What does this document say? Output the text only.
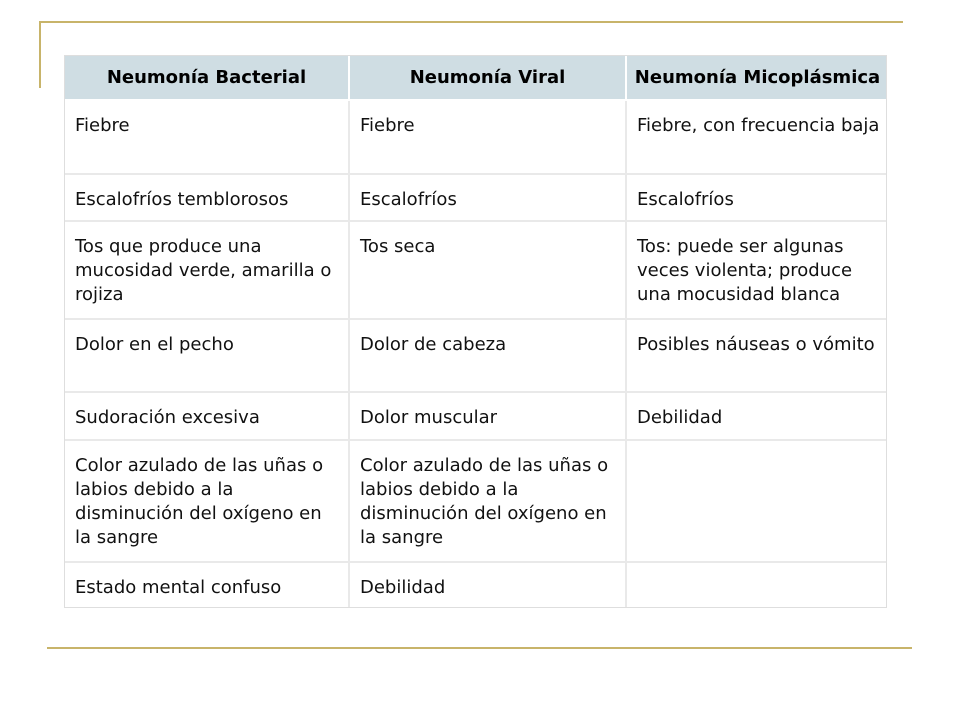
Neumonía Bacterial	Neumonía Viral	Neumonía Micoplásmica
Fiebre	Fiebre	Fiebre, con frecuencia baja
Escalofríos temblorosos	Escalofríos	Escalofríos
Tos que produce una mucosidad verde, amarilla o rojiza	Tos seca	Tos: puede ser algunas veces violenta; produce una mocusidad blanca
Dolor en el pecho	Dolor de cabeza	Posibles náuseas o vómito
Sudoración excesiva	Dolor muscular	Debilidad
Color azulado de las uñas o labios debido a la disminución del oxígeno en la sangre	Color azulado de las uñas o labios debido a la disminución del oxígeno en la sangre	
Estado mental confuso	Debilidad	
